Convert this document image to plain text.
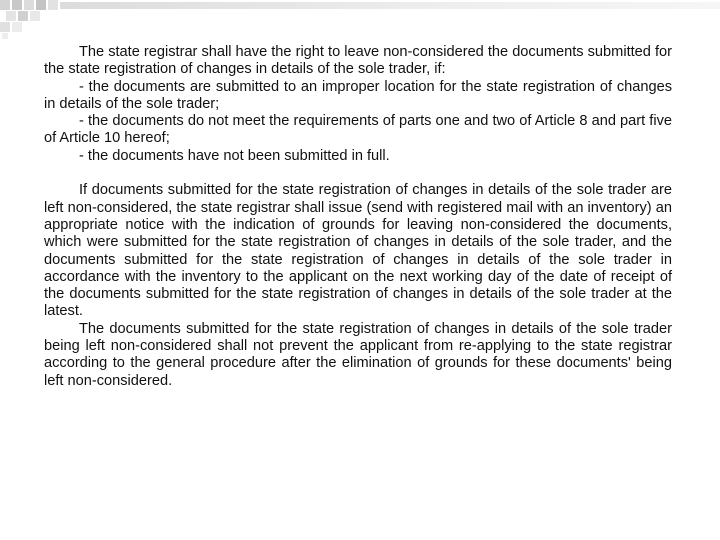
The state registrar shall have the right to leave non-considered the documents submitted for the state registration of changes in details of the sole trader, if:

- the documents are submitted to an improper location for the state registration of changes in details of the sole trader;

- the documents do not meet the requirements of parts one and two of Article 8 and part five of Article 10 hereof;

- the documents have not been submitted in full.

If documents submitted for the state registration of changes in details of the sole trader are left non-considered, the state registrar shall issue (send with registered mail with an inventory) an appropriate notice with the indication of grounds for leaving non-considered the documents, which were submitted for the state registration of changes in details of the sole trader, and the documents submitted for the state registration of changes in details of the sole trader in accordance with the inventory to the applicant on the next working day of the date of receipt of the documents submitted for the state registration of changes in details of the sole trader at the latest.

The documents submitted for the state registration of changes in details of the sole trader being left non-considered shall not prevent the applicant from re-applying to the state registrar according to the general procedure after the elimination of grounds for these documents' being left non-considered.
